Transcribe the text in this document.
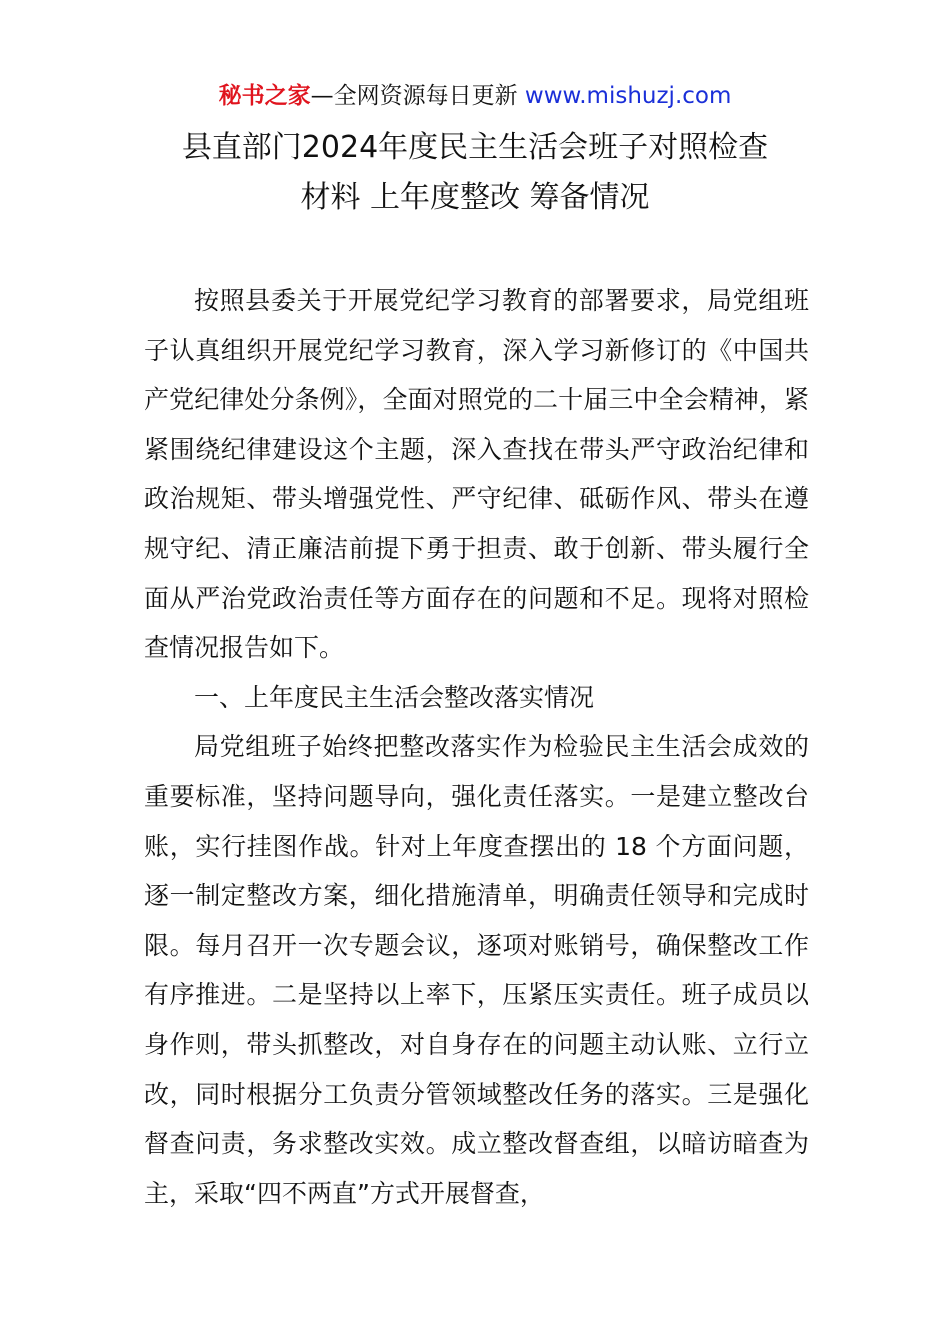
秘书之家—全网资源每日更新 www.mishuzj.com
县直部门2024年度民主生活会班子对照检查
材料 上年度整改 筹备情况

按照县委关于开展党纪学习教育的部署要求，局党组班子认真组织开展党纪学习教育，深入学习新修订的《中国共产党纪律处分条例》，全面对照党的二十届三中全会精神，紧紧围绕纪律建设这个主题，深入查找在带头严守政治纪律和政治规矩、带头增强党性、严守纪律、砥砺作风、带头在遵规守纪、清正廉洁前提下勇于担责、敢于创新、带头履行全面从严治党政治责任等方面存在的问题和不足。现将对照检查情况报告如下。

一、上年度民主生活会整改落实情况

局党组班子始终把整改落实作为检验民主生活会成效的重要标准，坚持问题导向，强化责任落实。一是建立整改台账，实行挂图作战。针对上年度查摆出的 18 个方面问题，逐一制定整改方案，细化措施清单，明确责任领导和完成时限。每月召开一次专题会议，逐项对账销号，确保整改工作有序推进。二是坚持以上率下，压紧压实责任。班子成员以身作则，带头抓整改，对自身存在的问题主动认账、立行立改，同时根据分工负责分管领域整改任务的落实。三是强化督查问责，务求整改实效。成立整改督查组，以暗访暗查为主，采取“四不两直”方式开展督查，
